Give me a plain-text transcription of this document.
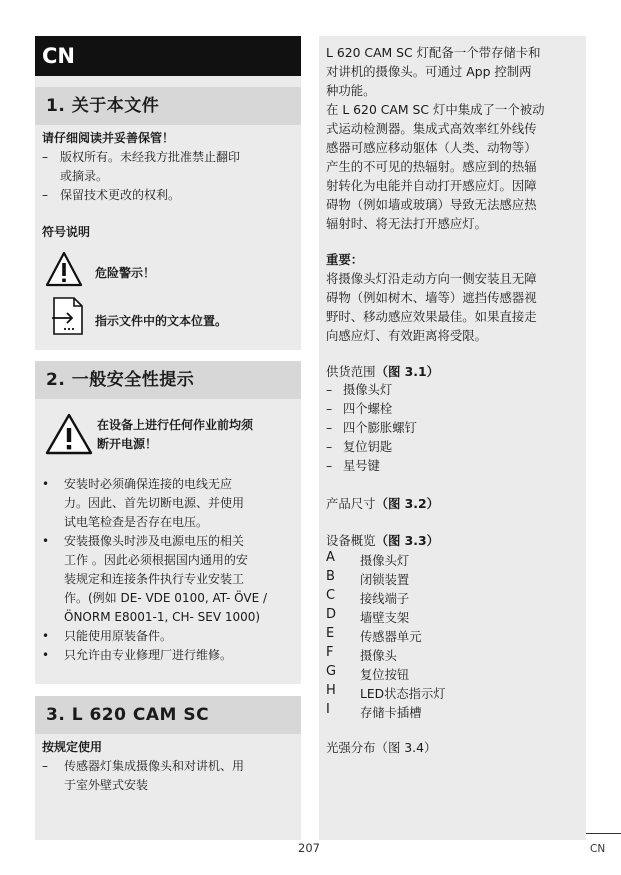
CN
1. 关于本文件
请仔细阅读并妥善保管！
– 版权所有。未经我方批准禁止翻印
或摘录。
– 保留技术更改的权利。
符号说明
危险警示！
指示文件中的文本位置。
2. 一般安全性提示
在设备上进行任何作业前均须
断开电源！
• 安装时必须确保连接的电线无应
力。因此、首先切断电源、并使用
试电笔检查是否存在电压。
• 安装摄像头时涉及电源电压的相关
工作 。因此必须根据国内通用的安
装规定和连接条件执行专业安装工
作。(例如 DE- VDE 0100, AT- ÖVE /
ÖNORM E8001-1, CH- SEV 1000)
• 只能使用原装备件。
• 只允许由专业修理厂进行维修。
3. L 620 CAM SC
按规定使用
– 传感器灯集成摄像头和对讲机、用
于室外壁式安装
L 620 CAM SC 灯配备一个带存储卡和
对讲机的摄像头。可通过 App 控制两
种功能。
在 L 620 CAM SC 灯中集成了一个被动
式运动检测器。集成式高效率红外线传
感器可感应移动躯体（人类、动物等）
产生的不可见的热辐射。感应到的热辐
射转化为电能并自动打开感应灯。因障
碍物（例如墙或玻璃）导致无法感应热
辐射时、将无法打开感应灯。
重要：
将摄像头灯沿走动方向一侧安装且无障
碍物（例如树木、墙等）遮挡传感器视
野时、移动感应效果最佳。如果直接走
向感应灯、有效距离将受限。
供货范围（图 3.1）
– 摄像头灯
– 四个螺栓
– 四个膨胀螺钉
– 复位钥匙
– 星号键
产品尺寸（图 3.2）
设备概览（图 3.3）
A 摄像头灯
B 闭锁装置
C 接线端子
D 墙壁支架
E 传感器单元
F 摄像头
G 复位按钮
H LED状态指示灯
I 存储卡插槽
光强分布（图 3.4）
207	CN
